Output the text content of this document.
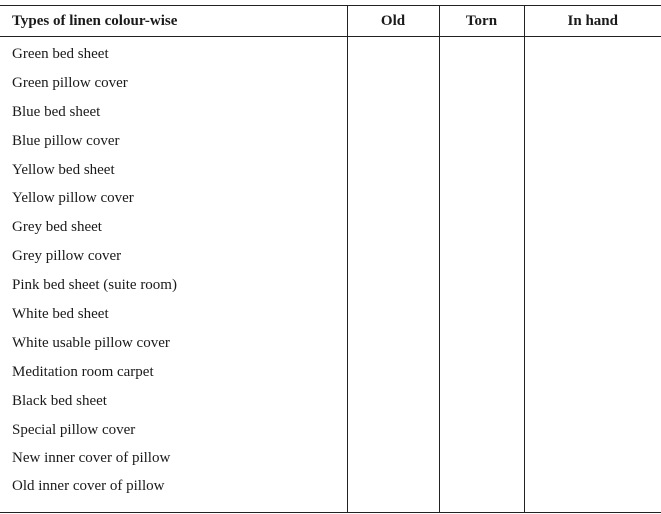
Types of linen colour-wise	Old	Torn	In hand
Green bed sheet			
Green pillow cover			
Blue bed sheet			
Blue pillow cover			
Yellow bed sheet			
Yellow pillow cover			
Grey bed sheet			
Grey pillow cover			
Pink bed sheet (suite room)			
White bed sheet			
White usable pillow cover			
Meditation room carpet			
Black bed sheet			
Special pillow cover			
New inner cover of pillow			
Old inner cover of pillow			
